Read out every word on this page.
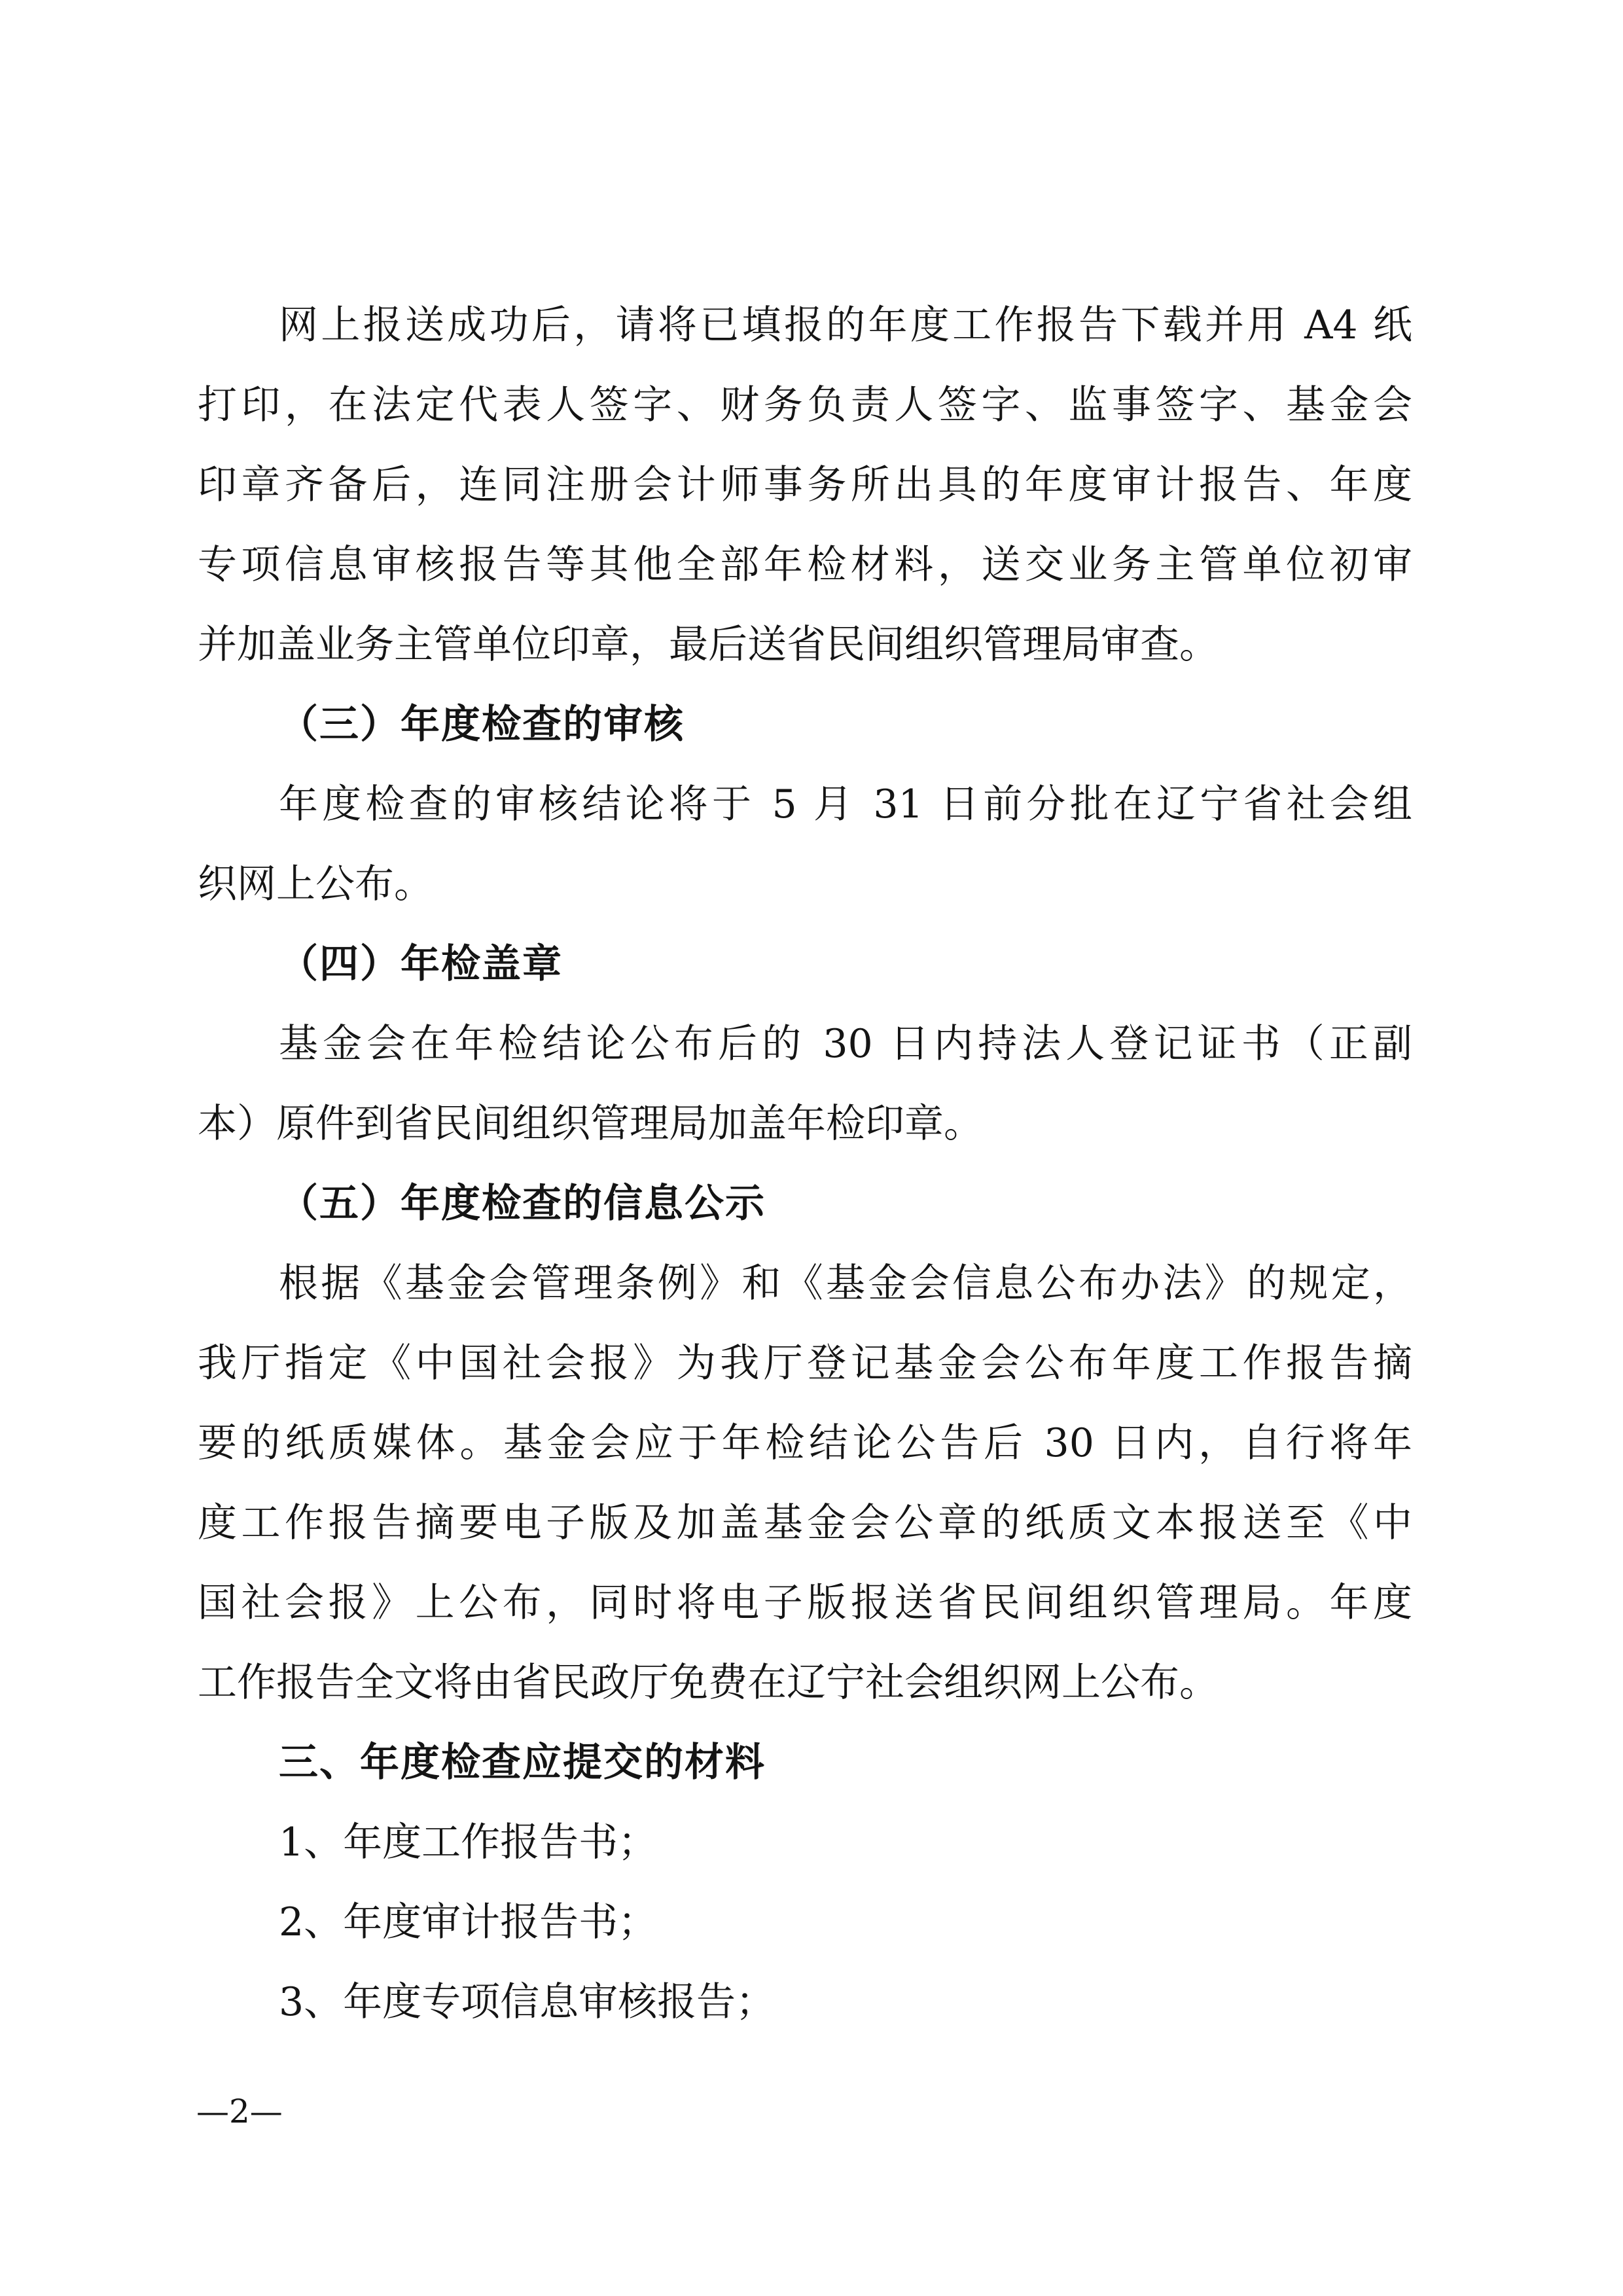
网上报送成功后，请将已填报的年度工作报告下载并用 A4 纸
打印，在法定代表人签字、财务负责人签字、监事签字、基金会
印章齐备后，连同注册会计师事务所出具的年度审计报告、年度
专项信息审核报告等其他全部年检材料，送交业务主管单位初审
并加盖业务主管单位印章，最后送省民间组织管理局审查。
（三）年度检查的审核
年度检查的审核结论将于 5 月 31 日前分批在辽宁省社会组
织网上公布。
（四）年检盖章
基金会在年检结论公布后的 30 日内持法人登记证书（正副
本）原件到省民间组织管理局加盖年检印章。
（五）年度检查的信息公示
根据《基金会管理条例》和《基金会信息公布办法》的规定，
我厅指定《中国社会报》为我厅登记基金会公布年度工作报告摘
要的纸质媒体。基金会应于年检结论公告后 30 日内，自行将年
度工作报告摘要电子版及加盖基金会公章的纸质文本报送至《中
国社会报》上公布，同时将电子版报送省民间组织管理局。年度
工作报告全文将由省民政厅免费在辽宁社会组织网上公布。
三、年度检查应提交的材料
1、年度工作报告书；
2、年度审计报告书；
3、年度专项信息审核报告；
—2—
